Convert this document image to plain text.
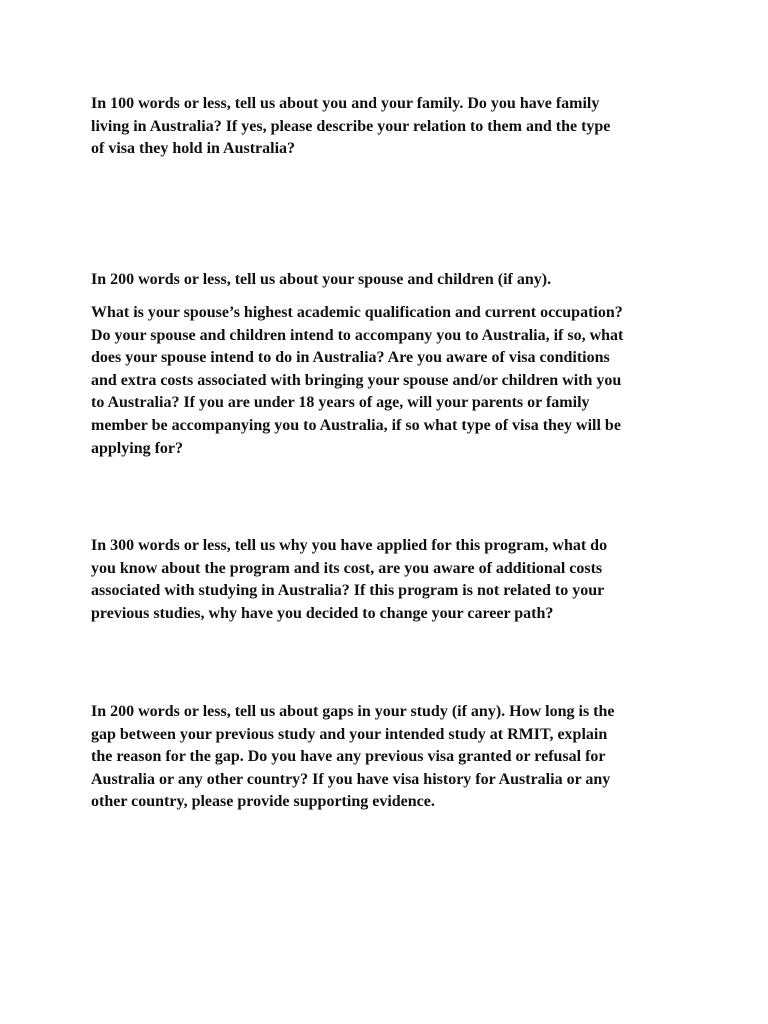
In 100 words or less, tell us about you and your family. Do you have family
living in Australia? If yes, please describe your relation to them and the type
of visa they hold in Australia?

In 200 words or less, tell us about your spouse and children (if any).

What is your spouse’s highest academic qualification and current occupation?
Do your spouse and children intend to accompany you to Australia, if so, what
does your spouse intend to do in Australia? Are you aware of visa conditions
and extra costs associated with bringing your spouse and/or children with you
to Australia? If you are under 18 years of age, will your parents or family
member be accompanying you to Australia, if so what type of visa they will be
applying for?

In 300 words or less, tell us why you have applied for this program, what do
you know about the program and its cost, are you aware of additional costs
associated with studying in Australia? If this program is not related to your
previous studies, why have you decided to change your career path?

In 200 words or less, tell us about gaps in your study (if any). How long is the
gap between your previous study and your intended study at RMIT, explain
the reason for the gap. Do you have any previous visa granted or refusal for
Australia or any other country? If you have visa history for Australia or any
other country, please provide supporting evidence.
